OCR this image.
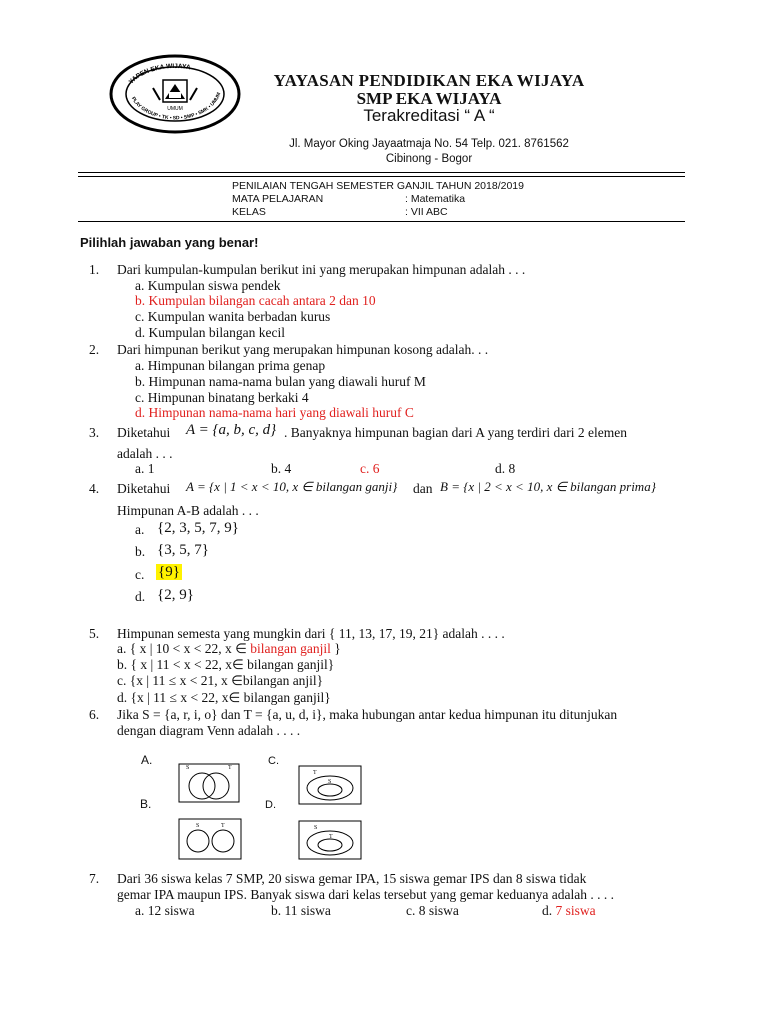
YAPEN EKA WIJAYA
PLAY GROUP • TK • SD • SMP • SMK • UMUM
UMUM
YAYASAN PENDIDIKAN EKA WIJAYA
SMP EKA WIJAYA
Terakreditasi “ A “
Jl. Mayor Oking Jayaatmaja No. 54 Telp. 021. 8761562
Cibinong - Bogor
PENILAIAN TENGAH SEMESTER GANJIL TAHUN 2018/2019
MATA PELAJARAN	: Matematika
KELAS	: VII ABC
Pilihlah jawaban yang benar!
1. Dari kumpulan-kumpulan berikut ini yang merupakan himpunan adalah . . .
a. Kumpulan siswa pendek
b. Kumpulan bilangan cacah antara 2 dan 10
c. Kumpulan wanita berbadan kurus
d. Kumpulan bilangan kecil
2. Dari himpunan berikut yang merupakan himpunan kosong adalah. . .
a. Himpunan bilangan prima genap
b. Himpunan nama-nama bulan yang diawali huruf M
c. Himpunan binatang berkaki 4
d. Himpunan nama-nama hari yang diawali huruf C
3. Diketahui A = {a, b, c, d} . Banyaknya himpunan bagian dari A yang terdiri dari 2 elemen
adalah . . .
a. 1	b. 4	c. 6	d. 8
4. Diketahui A = {x | 1 < x < 10, x ∈ bilangan ganji} dan B = {x | 2 < x < 10, x ∈ bilangan prima}
Himpunan A-B adalah . . .
a. {2, 3, 5, 7, 9}
b. {3, 5, 7}
c. {9}
d. {2, 9}
5. Himpunan semesta yang mungkin dari { 11, 13, 17, 19, 21} adalah . . . .
a. { x | 10 < x < 22, x ∈ bilangan ganjil }
b. { x | 11 < x < 22, x∈ bilangan ganjil}
c. {x | 11 ≤ x < 21, x ∈bilangan anjil}
d. {x | 11 ≤ x < 22, x∈ bilangan ganjil}
6. Jika S = {a, r, i, o} dan T = {a, u, d, i}, maka hubungan antar kedua himpunan itu ditunjukan
dengan diagram Venn adalah . . . .
A.	C.
B.	D.
S	T
T
S
S	T	S
T
7. Dari 36 siswa kelas 7 SMP, 20 siswa gemar IPA, 15 siswa gemar IPS dan 8 siswa tidak
gemar IPA maupun IPS. Banyak siswa dari kelas tersebut yang gemar keduanya adalah . . . .
a. 12 siswa	b. 11 siswa	c. 8 siswa	d. 7 siswa
